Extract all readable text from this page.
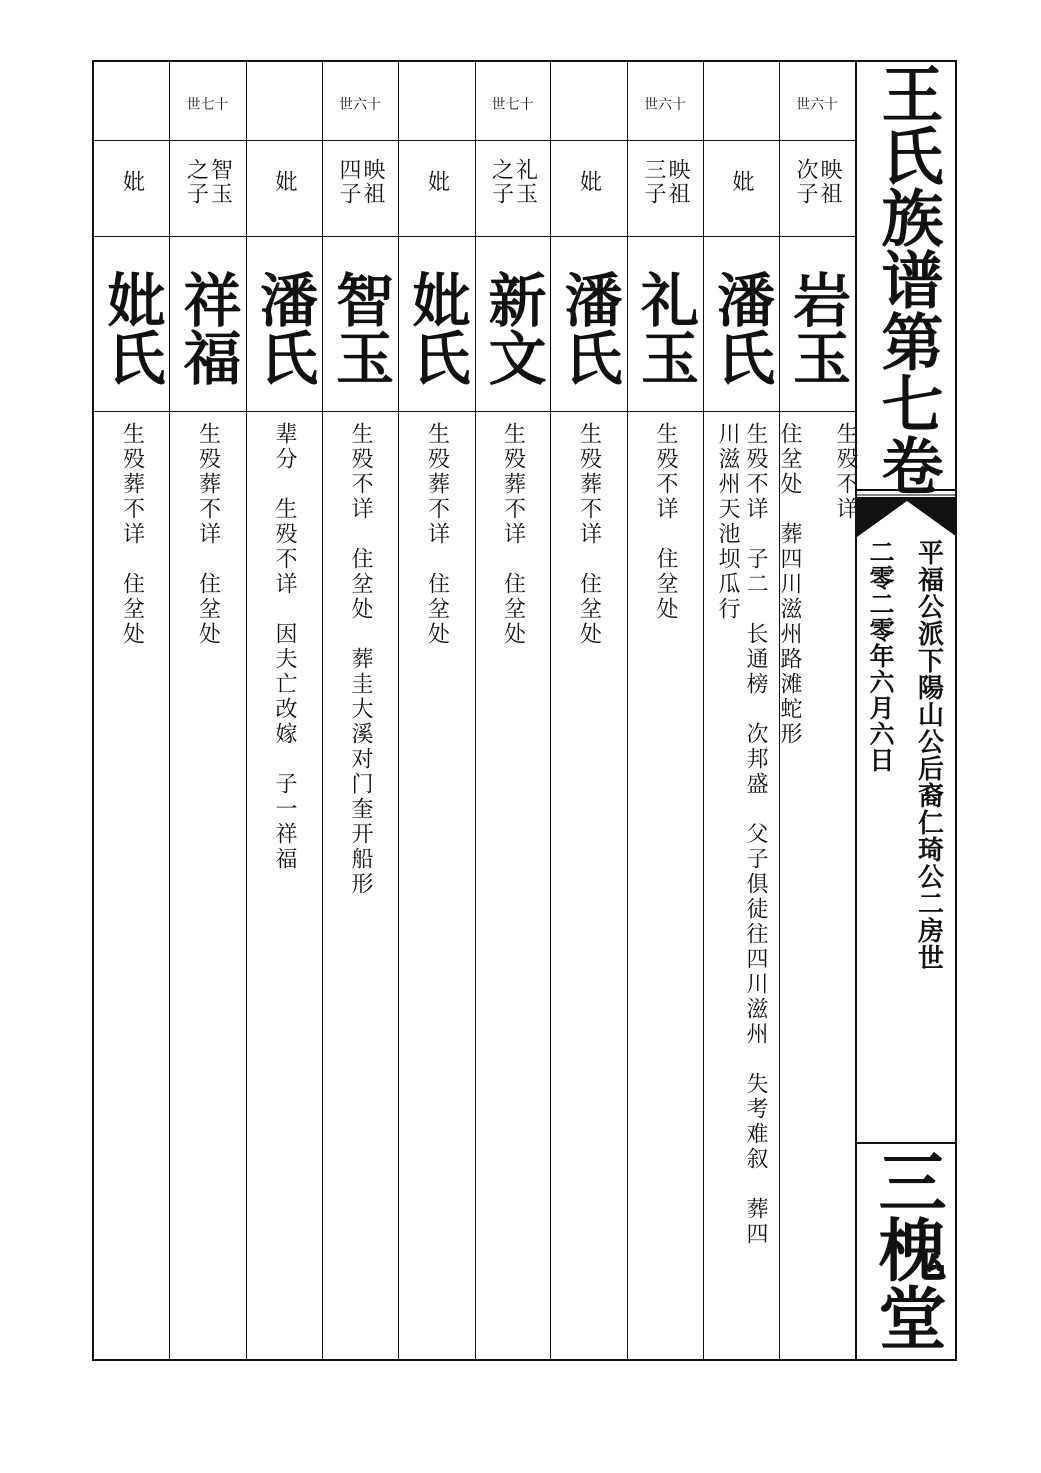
王氏族谱第七卷
平福公派下陽山公后裔仁琦公二房世
二零二零年六月六日
三槐堂
世六十
映祖
次子
岩玉
生殁不详

住坌处　葬四川滋州路滩蛇形
妣
潘氏
生殁不详　子二　长通榜　次邦盛　父子俱徒往四川滋州　失考难叙　葬四
川滋州天池坝瓜行
世六十
映祖
三子
礼玉
生殁不详　住坌处
妣
潘氏
生殁葬不详　住坌处
世七十
礼玉
之子
新文
生殁葬不详　住坌处
妣
妣氏
生殁葬不详　住坌处
世六十
映祖
四子
智玉
生殁不详　住坌处　葬圭大溪对门奎开船形
妣
潘氏
辈分　生殁不详　因夫亡改嫁　子一祥福
世七十
智玉
之子
祥福
生殁葬不详　住坌处
妣
妣氏
生殁葬不详　住坌处
